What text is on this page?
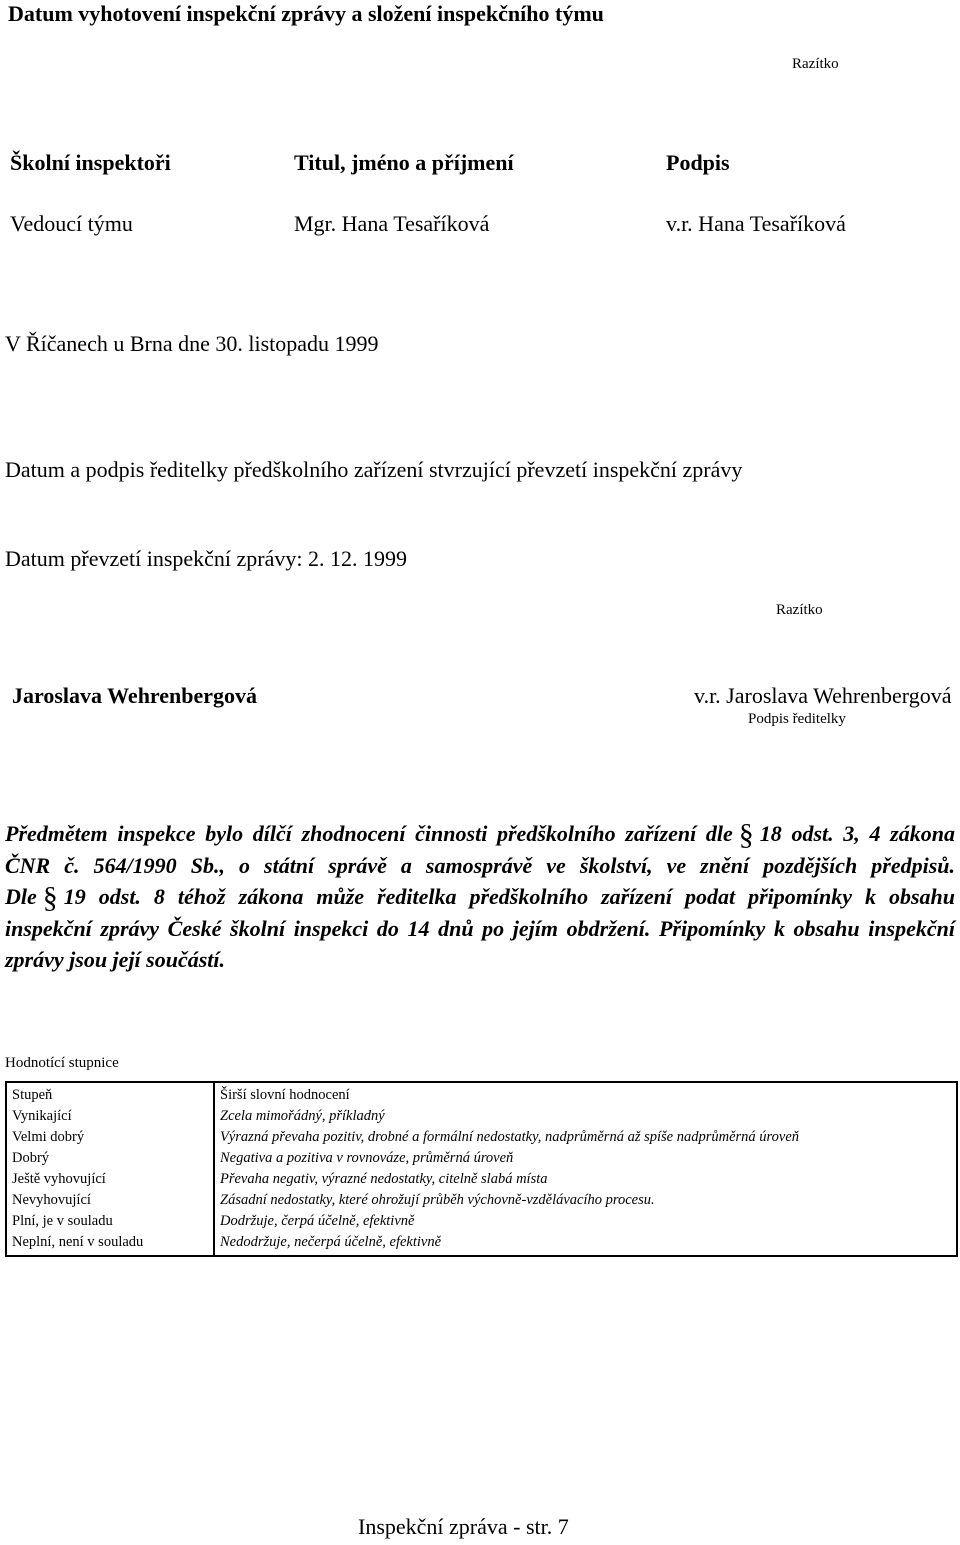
Datum vyhotovení inspekční zprávy a složení inspekčního týmu
Razítko
Školní inspektoři	Titul, jméno a příjmení	Podpis
Vedoucí týmu	Mgr. Hana Tesaříková	v.r. Hana Tesaříková
V Říčanech u Brna dne 30. listopadu 1999
Datum a podpis ředitelky předškolního zařízení stvrzující převzetí inspekční zprávy
Datum převzetí inspekční zprávy: 2. 12. 1999
Razítko
Jaroslava Wehrenbergová	v.r. Jaroslava Wehrenbergová
Podpis ředitelky

Předmětem inspekce bylo dílčí zhodnocení činnosti předškolního zařízení dle § 18 odst. 3, 4 zákona ČNR č. 564/1990 Sb., o státní správě a samosprávě ve školství, ve znění pozdějších předpisů.

Dle § 19 odst. 8 téhož zákona může ředitelka předškolního zařízení podat připomínky k obsahu inspekční zprávy České školní inspekci do 14 dnů po jejím obdržení. Připomínky k obsahu inspekční zprávy jsou její součástí.

Hodnotící stupnice
Stupeň	Širší slovní hodnocení
Vynikající	Zcela mimořádný, příkladný
Velmi dobrý	Výrazná převaha pozitiv, drobné a formální nedostatky, nadprůměrná až spíše nadprůměrná úroveň
Dobrý	Negativa a pozitiva v rovnováze, průměrná úroveň
Ještě vyhovující	Převaha negativ, výrazné nedostatky, citelně slabá místa
Nevyhovující	Zásadní nedostatky, které ohrožují průběh výchovně-vzdělávacího procesu.
Plní, je v souladu	Dodržuje, čerpá účelně, efektivně
Neplní, není v souladu	Nedodržuje, nečerpá účelně, efektivně
Inspekční zpráva - str. 7
